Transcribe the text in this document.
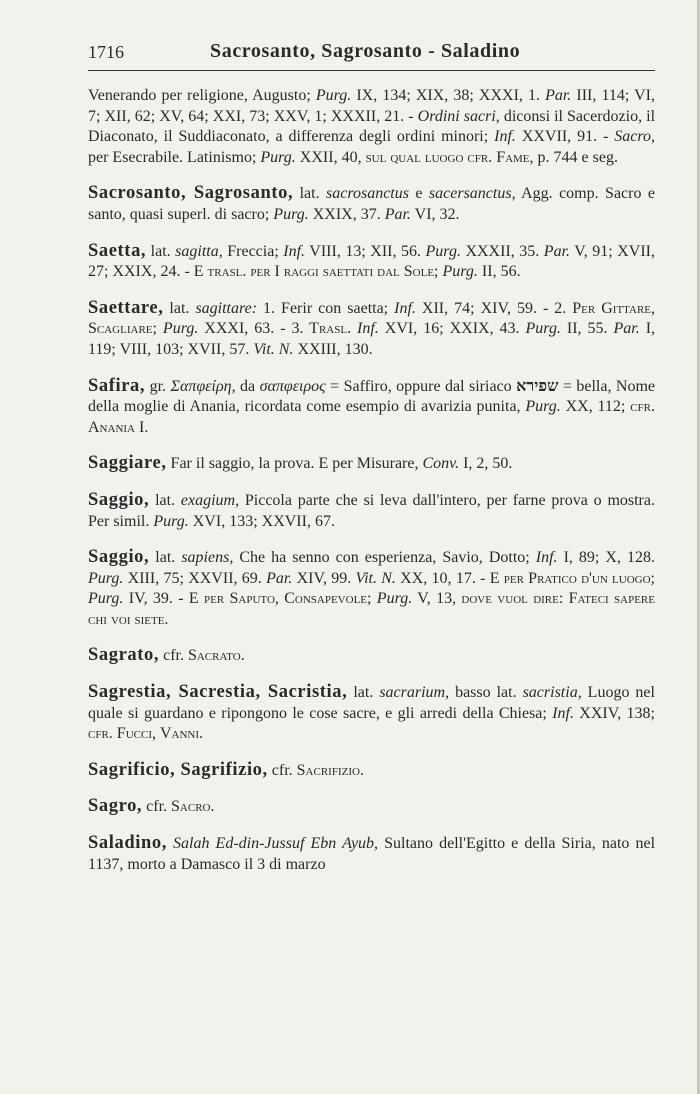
1716	Sacrosanto, Sagrosanto - Saladino

Venerando per religione, Augusto; Purg. IX, 134; XIX, 38; XXXI, 1. Par. III, 114; VI, 7; XII, 62; XV, 64; XXI, 73; XXV, 1; XXXII, 21. - Ordini sacri, diconsi il Sacerdozio, il Diaconato, il Suddiaconato, a differenza degli ordini minori; Inf. XXVII, 91. - Sacro, per Esecrabile. Latinismo; Purg. XXII, 40, sul qual luogo cfr. Fame, p. 744 e seg.

Sacrosanto, Sagrosanto, lat. sacrosanctus e sacersanctus, Agg. comp. Sacro e santo, quasi superl. di sacro; Purg. XXIX, 37. Par. VI, 32.

Saetta, lat. sagitta, Freccia; Inf. VIII, 13; XII, 56. Purg. XXXII, 35. Par. V, 91; XVII, 27; XXIX, 24. - E trasl. per I raggi saettati dal Sole; Purg. II, 56.

Saettare, lat. sagittare: 1. Ferir con saetta; Inf. XII, 74; XIV, 59. - 2. Per Gittare, Scagliare; Purg. XXXI, 63. - 3. Trasl. Inf. XVI, 16; XXIX, 43. Purg. II, 55. Par. I, 119; VIII, 103; XVII, 57. Vit. N. XXIII, 130.

Safira, gr. Σαπφείρη, da σαπφειρος = Saffiro, oppure dal siriaco שפירא = bella, Nome della moglie di Anania, ricordata come esempio di avarizia punita, Purg. XX, 112; cfr. Anania I.

Saggiare, Far il saggio, la prova. E per Misurare, Conv. I, 2, 50.

Saggio, lat. exagium, Piccola parte che si leva dall'intero, per farne prova o mostra. Per simil. Purg. XVI, 133; XXVII, 67.

Saggio, lat. sapiens, Che ha senno con esperienza, Savio, Dotto; Inf. I, 89; X, 128. Purg. XIII, 75; XXVII, 69. Par. XIV, 99. Vit. N. XX, 10, 17. - E per Pratico d'un luogo; Purg. IV, 39. - E per Saputo, Consapevole; Purg. V, 13, dove vuol dire: Fateci sapere chi voi siete.

Sagrato, cfr. Sacrato.

Sagrestia, Sacrestia, Sacristia, lat. sacrarium, basso lat. sacristia, Luogo nel quale si guardano e ripongono le cose sacre, e gli arredi della Chiesa; Inf. XXIV, 138; cfr. Fucci, Vanni.

Sagrificio, Sagrifizio, cfr. Sacrifizio.

Sagro, cfr. Sacro.

Saladino, Salah Ed-din-Jussuf Ebn Ayub, Sultano dell'Egitto e della Siria, nato nel 1137, morto a Damasco il 3 di marzo
